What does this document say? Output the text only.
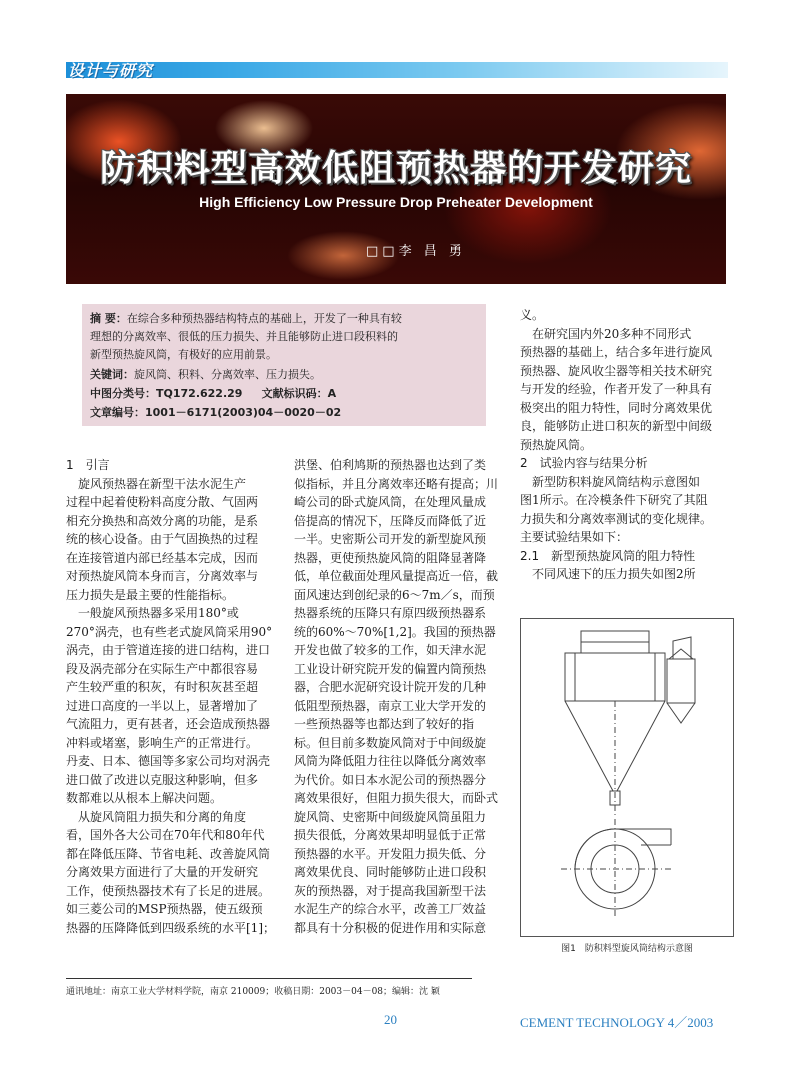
设计与研究
防积料型高效低阻预热器的开发研究
High Efficiency Low Pressure Drop Preheater Development
□□李 昌 勇
摘 要：在综合多种预热器结构特点的基础上，开发了一种具有较
理想的分离效率、很低的压力损失、并且能够防止进口段积料的
新型预热旋风筒，有极好的应用前景。
关键词：旋风筒、积料、分离效率、压力损失。
中图分类号：TQ172.622.29 文献标识码：A
文章编号：1001－6171(2003)04－0020－02

1　引言

　旋风预热器在新型干法水泥生产

过程中起着使粉料高度分散、气固两

相充分换热和高效分离的功能，是系

统的核心设备。由于气固换热的过程

在连接管道内部已经基本完成，因而

对预热旋风筒本身而言，分离效率与

压力损失是最主要的性能指标。

　一般旋风预热器多采用180°或

270°涡壳，也有些老式旋风筒采用90°

涡壳，由于管道连接的进口结构，进口

段及涡壳部分在实际生产中都很容易

产生较严重的积灰，有时积灰甚至超

过进口高度的一半以上，显著增加了

气流阻力，更有甚者，还会造成预热器

冲料或堵塞，影响生产的正常进行。

丹麦、日本、德国等多家公司均对涡壳

进口做了改进以克服这种影响，但多

数都难以从根本上解决问题。

　从旋风筒阻力损失和分离的角度

看，国外各大公司在70年代和80年代

都在降低压降、节省电耗、改善旋风筒

分离效果方面进行了大量的开发研究

工作，使预热器技术有了长足的进展。

如三菱公司的MSP预热器，使五级预

热器的压降降低到四级系统的水平[1]；

洪堡、伯利鸠斯的预热器也达到了类

似指标，并且分离效率还略有提高；川

崎公司的卧式旋风筒，在处理风量成

倍提高的情况下，压降反而降低了近

一半。史密斯公司开发的新型旋风预

热器，更使预热旋风筒的阻降显著降

低，单位截面处理风量提高近一倍，截

面风速达到创纪录的6～7m／s，而预

热器系统的压降只有原四级预热器系

统的60%～70%[1,2]。我国的预热器

开发也做了较多的工作，如天津水泥

工业设计研究院开发的偏置内筒预热

器，合肥水泥研究设计院开发的几种

低阻型预热器，南京工业大学开发的

一些预热器等也都达到了较好的指

标。但目前多数旋风筒对于中间级旋

风筒为降低阻力往往以降低分离效率

为代价。如日本水泥公司的预热器分

离效果很好，但阻力损失很大，而卧式

旋风筒、史密斯中间级旋风筒虽阻力

损失很低，分离效果却明显低于正常

预热器的水平。开发阻力损失低、分

离效果优良、同时能够防止进口段积

灰的预热器，对于提高我国新型干法

水泥生产的综合水平，改善工厂效益

都具有十分积极的促进作用和实际意

义。

　在研究国内外20多种不同形式

预热器的基础上，结合多年进行旋风

预热器、旋风收尘器等相关技术研究

与开发的经验，作者开发了一种具有

极突出的阻力特性，同时分离效果优

良，能够防止进口积灰的新型中间级

预热旋风筒。

2　试验内容与结果分析

　新型防积料旋风筒结构示意图如

图1所示。在冷模条件下研究了其阻

力损失和分离效率测试的变化规律。

主要试验结果如下：

2.1　新型预热旋风筒的阻力特性

　不同风速下的压力损失如图2所

图1　防积料型旋风筒结构示意图
通讯地址：南京工业大学材料学院，南京 210009；收稿日期：2003－04－08；编辑：沈 颖
20	CEMENT TECHNOLOGY 4／2003
